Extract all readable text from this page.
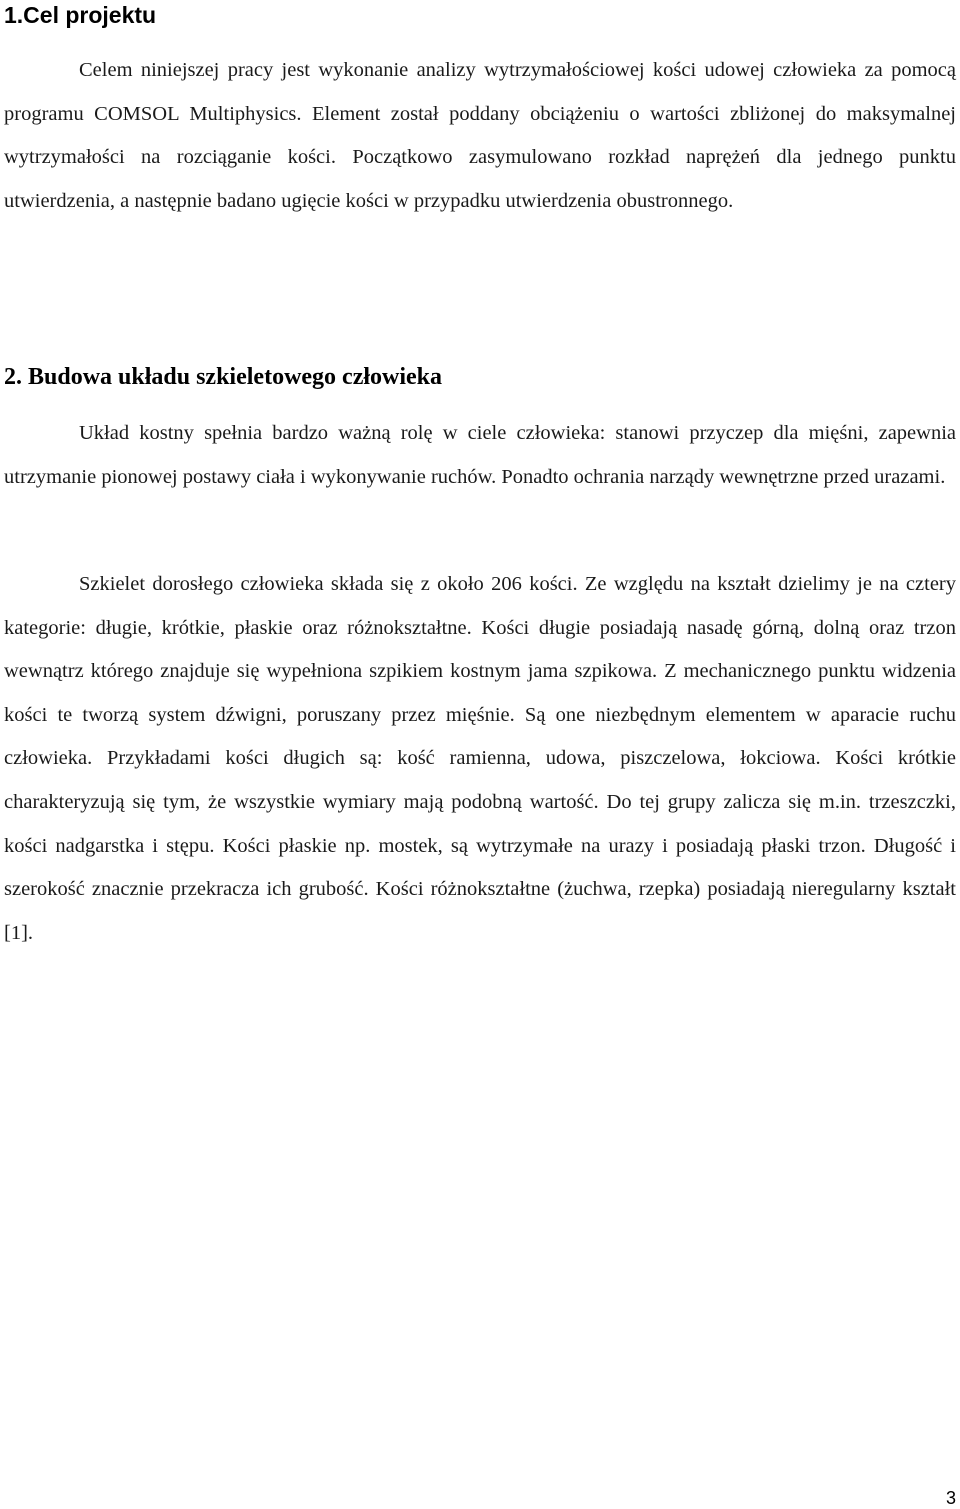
1.Cel projektu

Celem niniejszej pracy jest wykonanie analizy wytrzymałościowej kości udowej człowieka za pomocą programu COMSOL Multiphysics. Element został poddany obciążeniu o wartości zbliżonej do maksymalnej wytrzymałości na rozciąganie kości. Początkowo zasymulowano rozkład naprężeń dla jednego punktu utwierdzenia, a następnie badano ugięcie kości w przypadku utwierdzenia obustronnego.

2. Budowa układu szkieletowego człowieka

Układ kostny spełnia bardzo ważną rolę w ciele człowieka: stanowi przyczep dla mięśni, zapewnia utrzymanie pionowej postawy ciała i wykonywanie ruchów. Ponadto ochrania narządy wewnętrzne przed urazami.

Szkielet dorosłego człowieka składa się z około 206 kości. Ze względu na kształt dzielimy je na cztery kategorie: długie, krótkie, płaskie oraz różnokształtne. Kości długie posiadają nasadę górną, dolną oraz trzon wewnątrz którego znajduje się wypełniona szpikiem kostnym jama szpikowa. Z mechanicznego punktu widzenia kości te tworzą system dźwigni, poruszany przez mięśnie. Są one niezbędnym elementem w aparacie ruchu człowieka. Przykładami kości długich są: kość ramienna, udowa, piszczelowa, łokciowa. Kości krótkie charakteryzują się tym, że wszystkie wymiary mają podobną wartość. Do tej grupy zalicza się m.in. trzeszczki, kości nadgarstka i stępu. Kości płaskie np. mostek, są wytrzymałe na urazy i posiadają płaski trzon. Długość i szerokość znacznie przekracza ich grubość. Kości różnokształtne (żuchwa, rzepka) posiadają nieregularny kształt [1].

3
